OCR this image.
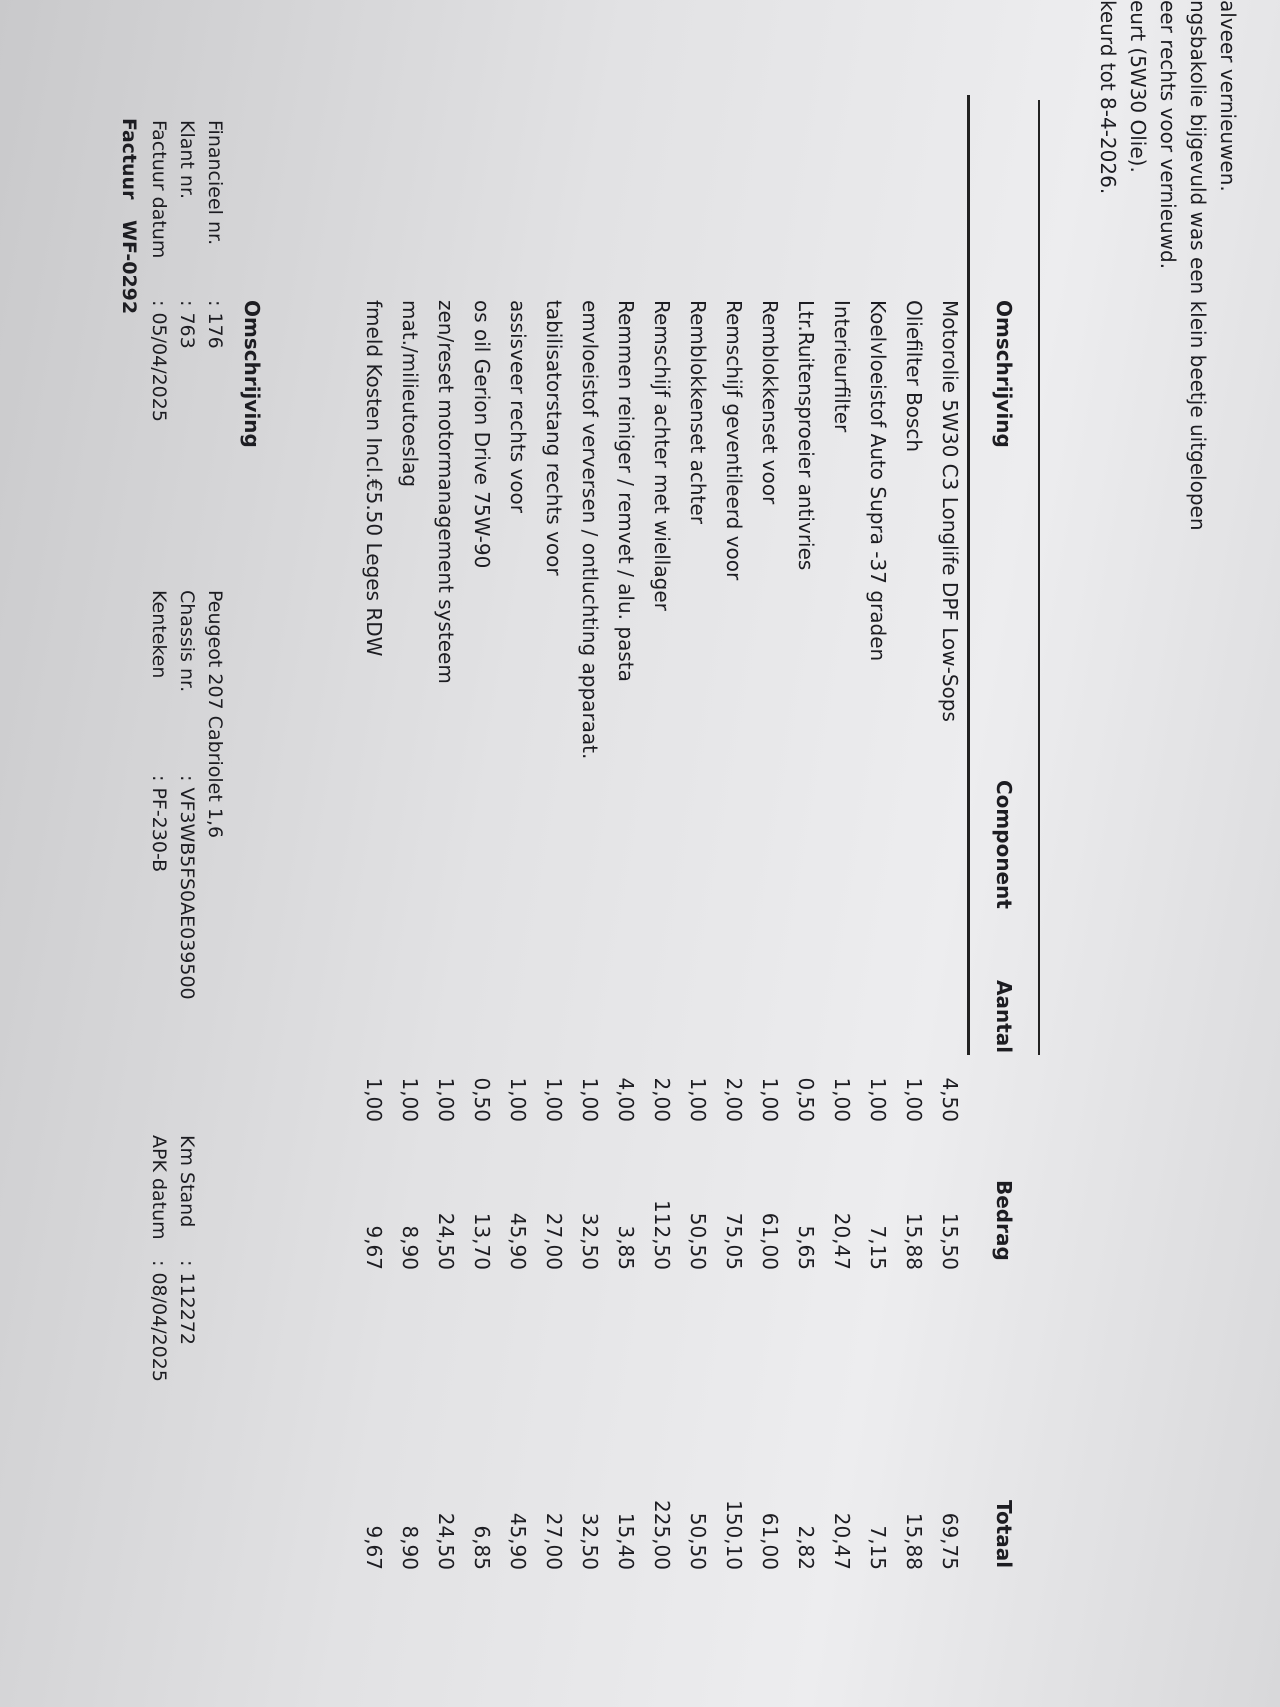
Factuur
WF-0292
Factuur datum
: 05/04/2025
Klant nr.
: 763
Financieel nr.
: 176
Kenteken
: PF-230-B
Chassis nr.
: VF3WB5FS0AE039500
Peugeot 207 Cabriolet 1,6
APK datum
: 08/04/2025
Km Stand
: 112272
Omschrijving	Omschrijving
Component
Aantal
Bedrag
Totaal
Motorolie 5W30 C3 Longlife DPF Low-Sops
4,50
15,50
69,75
Oliefilter Bosch
1,00
15,88
15,88
Koelvloeistof Auto Supra -37 graden
1,00
7,15
7,15
Interieurfilter
1,00
20,47
20,47
Ltr.Ruitensproeier antivries
0,50
5,65
2,82
Remblokkenset voor
1,00
61,00
61,00
Remschijf geventileerd voor
2,00
75,05
150,10
Remblokkenset achter
1,00
50,50
50,50
Remschijf achter met wiellager
2,00
112,50
225,00
Remmen reiniger / remvet / alu. pasta
4,00
3,85
15,40
emvloeistof verversen / ontluchting apparaat.
1,00
32,50
32,50
tabilisatorstang rechts voor
1,00
27,00
27,00
assisveer rechts voor
1,00
45,90
45,90
os oil Gerion Drive 75W-90
0,50
13,70
6,85
zen/reset motormanagement systeem
1,00
24,50
24,50
mat./milieutoeslag
1,00
8,90
8,90
fmeld Kosten Incl.€5.50 Leges RDW
1,00
9,67
9,67
keurd tot 8-4-2026. eurt (5W30 Olie). eer rechts voor vernieuwd. ngsbakolie bijgevuld was een klein beetje uitgelopen alveer vernieuwen.
